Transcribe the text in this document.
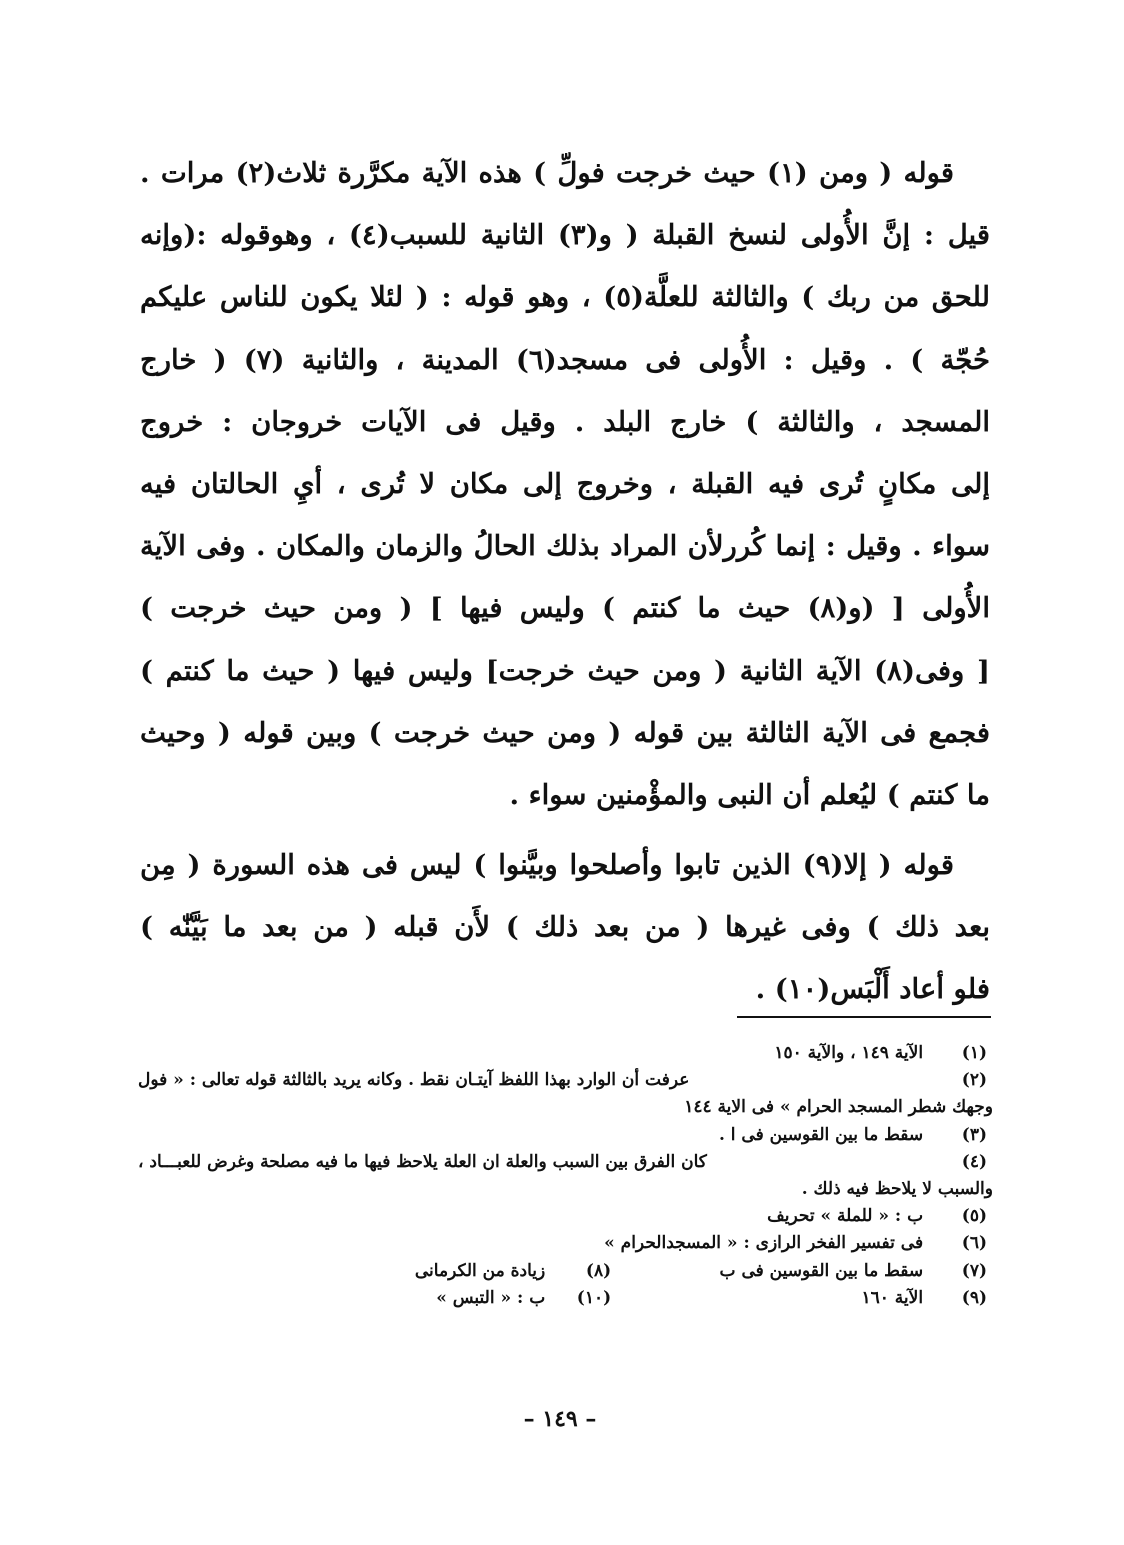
قوله ( ومن (١) حيث خرجت فولِّ ) هذه الآية مكرَّرة ثلاث(٢) مرات .
قيل : إنَّ الأُولى لنسخ القبلة ( و(٣) الثانية للسبب(٤) ، وهوقوله :(وإنه
للحق من ربك ) والثالثة للعلَّة(٥) ، وهو قوله : ( لئلا يكون للناس عليكم
حُجّة ) . وقيل : الأُولى فى مسجد(٦) المدينة ، والثانية (٧) ( خارج
المسجد ، والثالثة ) خارج البلد . وقيل فى الآيات خروجان : خروج
إلى مكانٍ تُرى فيه القبلة ، وخروج إلى مكان لا تُرى ، أيِ الحالتان فيه
سواء . وقيل : إنما كُررلأن المراد بذلك الحالُ والزمان والمكان . وفى الآية
الأُولى [ (و(٨) حيث ما كنتم ) وليس فيها ] ( ومن حيث خرجت )
[ وفى(٨) الآية الثانية ( ومن حيث خرجت] وليس فيها ( حيث ما كنتم )
فجمع فى الآية الثالثة بين قوله ( ومن حيث خرجت ) وبين قوله ( وحيث
ما كنتم ) ليُعلم أن النبى والمؤْمنين سواء .
قوله ( إلا(٩) الذين تابوا وأصلحوا وبيَّنوا ) ليس فى هذه السورة ( مِن
بعد ذلك ) وفى غيرها ( من بعد ذلك ) لأَن قبله ( من بعد ما بَيَّنّٰه )
فلو أعاد أَلْبَس(١٠) .
(١) الآية ١٤٩ ، والآية ١٥٠
(٢) عرفت أن الوارد بهذا اللفظ آيتـان نقط . وكانه يريد بالثالثة قوله تعالى : « فول
وجهك شطر المسجد الحرام » فى الاية ١٤٤
(٣) سقط ما بين القوسين فى ا .
(٤) كان الفرق بين السبب والعلة ان العلة يلاحظ فيها ما فيه مصلحة وغرض للعبـــاد ،
والسبب لا يلاحظ فيه ذلك .
(٥) ب : « للملة » تحريف
(٦) فى تفسير الفخر الرازى : « المسجدالحرام »
(٧) سقط ما بين القوسين فى ب (٨) زيادة من الكرمانى
(٩) الآية ١٦٠ (١٠) ب : « التبس »
– ١٤٩ –
